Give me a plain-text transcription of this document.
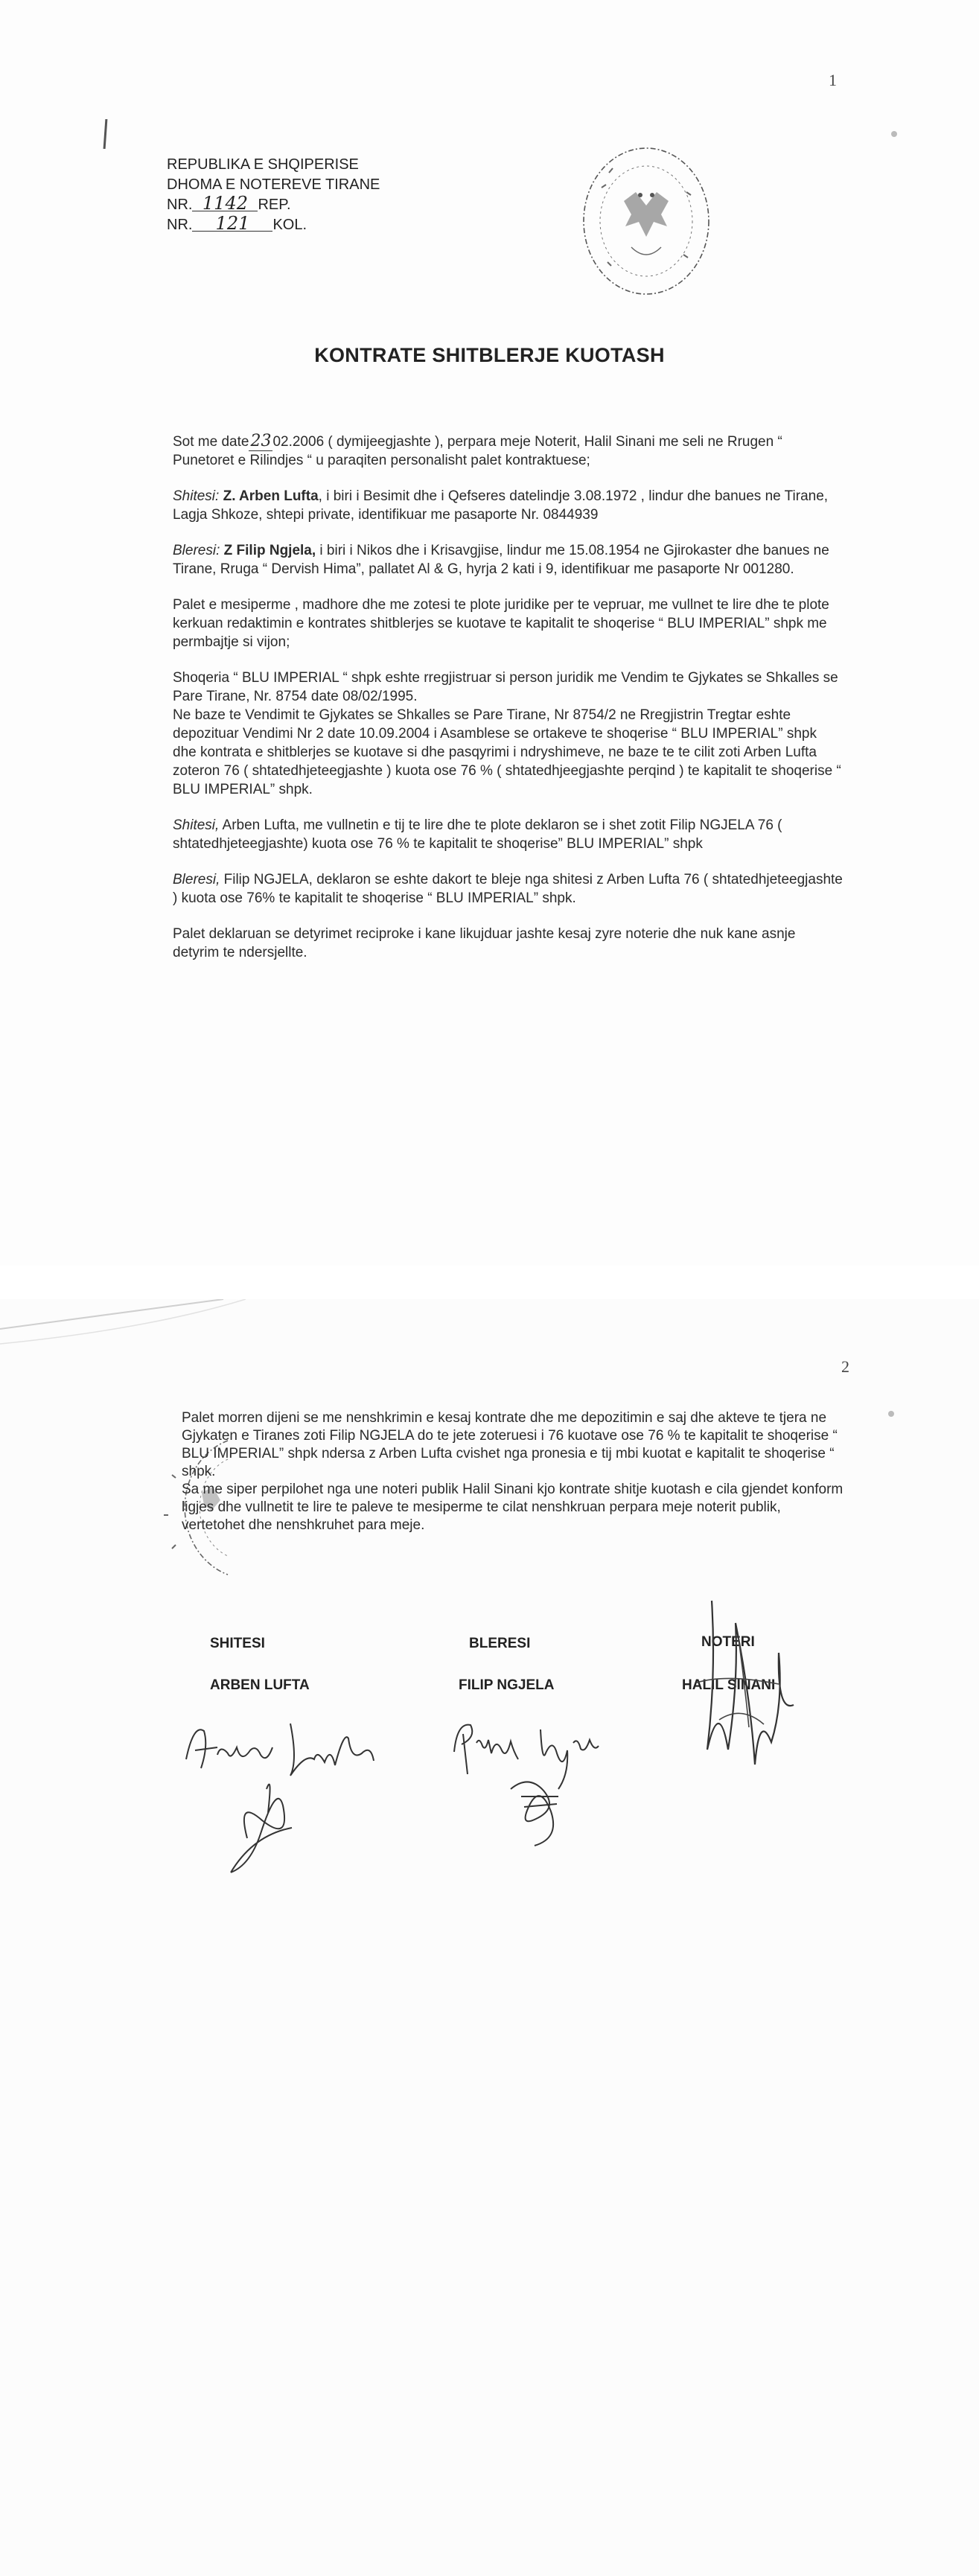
1
REPUBLIKA E SHQIPERISE
DHOMA E NOTEREVE TIRANE
NR. 1142 REP.
NR. 121 KOL.
KONTRATE SHITBLERJE KUOTASH

Sot me date23 02.2006 ( dymijeegjashte ), perpara meje Noterit, Halil Sinani me seli ne Rrugen “ Punetoret e Rilindjes “ u paraqiten personalisht palet kontraktuese;

Shitesi: Z. Arben Lufta, i biri i Besimit dhe i Qefseres datelindje 3.08.1972 , lindur dhe banues ne Tirane, Lagja Shkoze, shtepi private, identifikuar me pasaporte Nr. 0844939

Bleresi: Z Filip Ngjela, i biri i Nikos dhe i Krisavgjise, lindur me 15.08.1954 ne Gjirokaster dhe banues ne Tirane, Rruga “ Dervish Hima”, pallatet Al & G, hyrja 2 kati i 9, identifikuar me pasaporte Nr 001280.

Palet e mesiperme , madhore dhe me zotesi te plote juridike per te vepruar, me vullnet te lire dhe te plote kerkuan redaktimin e kontrates shitblerjes se kuotave te kapitalit te shoqerise “ BLU IMPERIAL” shpk me permbajtje si vijon;

Shoqeria “ BLU IMPERIAL “ shpk eshte rregjistruar si person juridik me Vendim te Gjykates se Shkalles se Pare Tirane, Nr. 8754 date 08/02/1995.
Ne baze te Vendimit te Gjykates se Shkalles se Pare Tirane, Nr 8754/2 ne Rregjistrin Tregtar eshte depozituar Vendimi Nr 2 date 10.09.2004 i Asamblese se ortakeve te shoqerise “ BLU IMPERIAL” shpk dhe kontrata e shitblerjes se kuotave si dhe pasqyrimi i ndryshimeve, ne baze te te cilit zoti Arben Lufta zoteron 76 ( shtatedhjeteegjashte ) kuota ose 76 % ( shtatedhjeegjashte perqind ) te kapitalit te shoqerise “ BLU IMPERIAL” shpk.

Shitesi, Arben Lufta, me vullnetin e tij te lire dhe te plote deklaron se i shet zotit Filip NGJELA 76 ( shtatedhjeteegjashte) kuota ose 76 % te kapitalit te shoqerise” BLU IMPERIAL” shpk

Bleresi, Filip NGJELA, deklaron se eshte dakort te bleje nga shitesi z Arben Lufta 76 ( shtatedhjeteegjashte ) kuota ose 76% te kapitalit te shoqerise “ BLU IMPERIAL” shpk.

Palet deklaruan se detyrimet reciproke i kane likujduar jashte kesaj zyre noterie dhe nuk kane asnje detyrim te ndersjellte.

2

Palet morren dijeni se me nenshkrimin e kesaj kontrate dhe me depozitimin e saj dhe akteve te tjera ne Gjykaten e Tiranes zoti Filip NGJELA do te jete zoteruesi i 76 kuotave ose 76 % te kapitalit te shoqerise “ BLU IMPERIAL” shpk ndersa z Arben Lufta cvishet nga pronesia e tij mbi kuotat e kapitalit te shoqerise “ shpk.

Sa me siper perpilohet nga une noteri publik Halil Sinani kjo kontrate shitje kuotash e cila gjendet konform ligjes dhe vullnetit te lire te paleve te mesiperme te cilat nenshkruan perpara meje noterit publik, vertetohet dhe nenshkruhet para meje.

SHITESI
ARBEN LUFTA
BLERESI
FILIP NGJELA
NOTERI
HALIL SINANI
